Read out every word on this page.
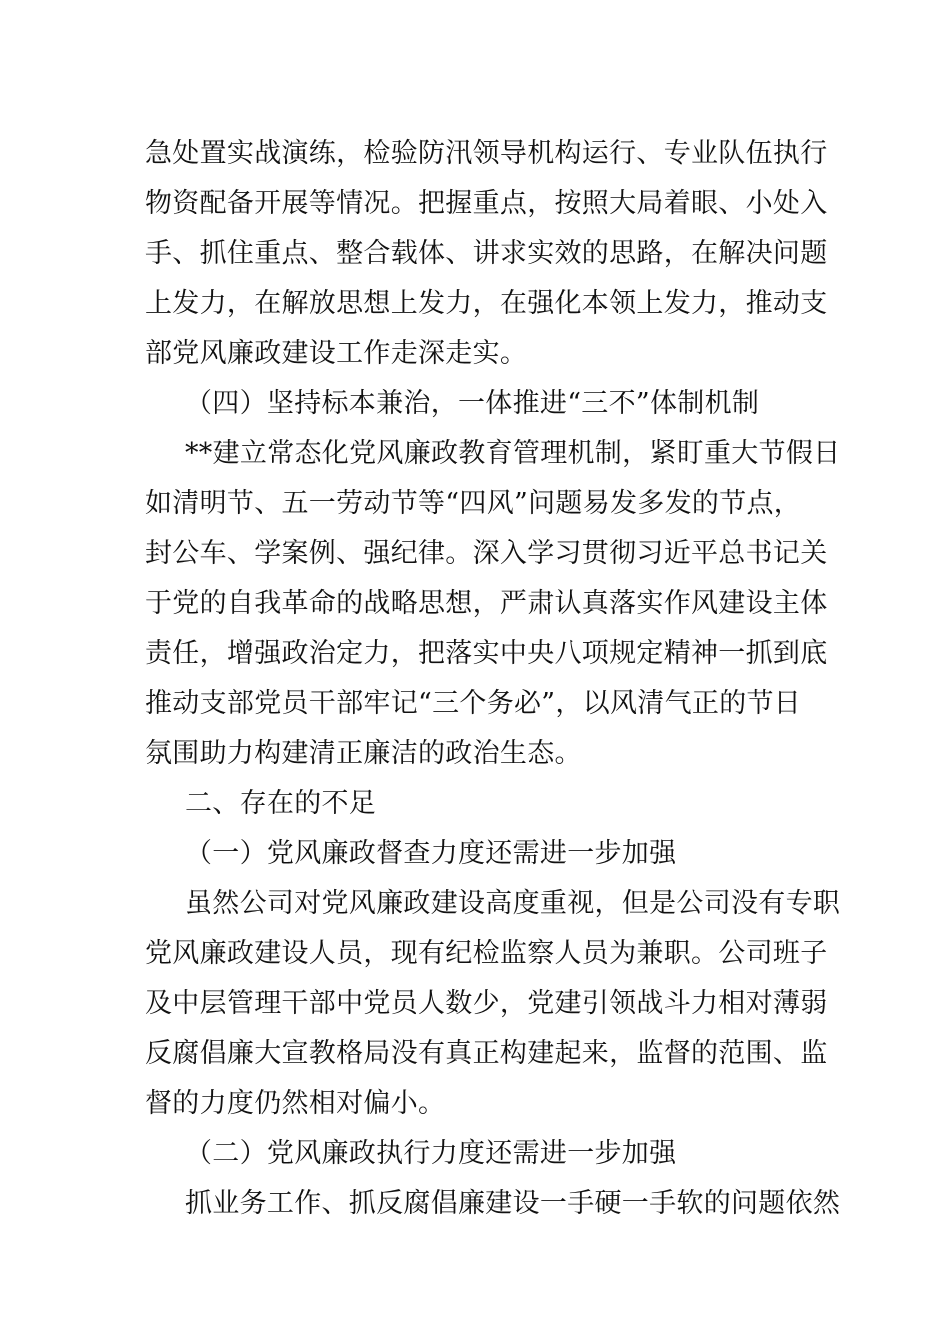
急处置实战演练，检验防汛领导机构运行、专业队伍执行
物资配备开展等情况。把握重点，按照大局着眼、小处入
手、抓住重点、整合载体、讲求实效的思路，在解决问题
上发力，在解放思想上发力，在强化本领上发力，推动支
部党风廉政建设工作走深走实。
（四）坚持标本兼治，一体推进“三不”体制机制
**建立常态化党风廉政教育管理机制，紧盯重大节假日
如清明节、五一劳动节等“四风”问题易发多发的节点，
封公车、学案例、强纪律。深入学习贯彻习近平总书记关
于党的自我革命的战略思想，严肃认真落实作风建设主体
责任，增强政治定力，把落实中央八项规定精神一抓到底
推动支部党员干部牢记“三个务必”，以风清气正的节日
氛围助力构建清正廉洁的政治生态。
二、存在的不足
（一）党风廉政督查力度还需进一步加强
虽然公司对党风廉政建设高度重视，但是公司没有专职
党风廉政建设人员，现有纪检监察人员为兼职。公司班子
及中层管理干部中党员人数少，党建引领战斗力相对薄弱
反腐倡廉大宣教格局没有真正构建起来，监督的范围、监
督的力度仍然相对偏小。
（二）党风廉政执行力度还需进一步加强
抓业务工作、抓反腐倡廉建设一手硬一手软的问题依然
